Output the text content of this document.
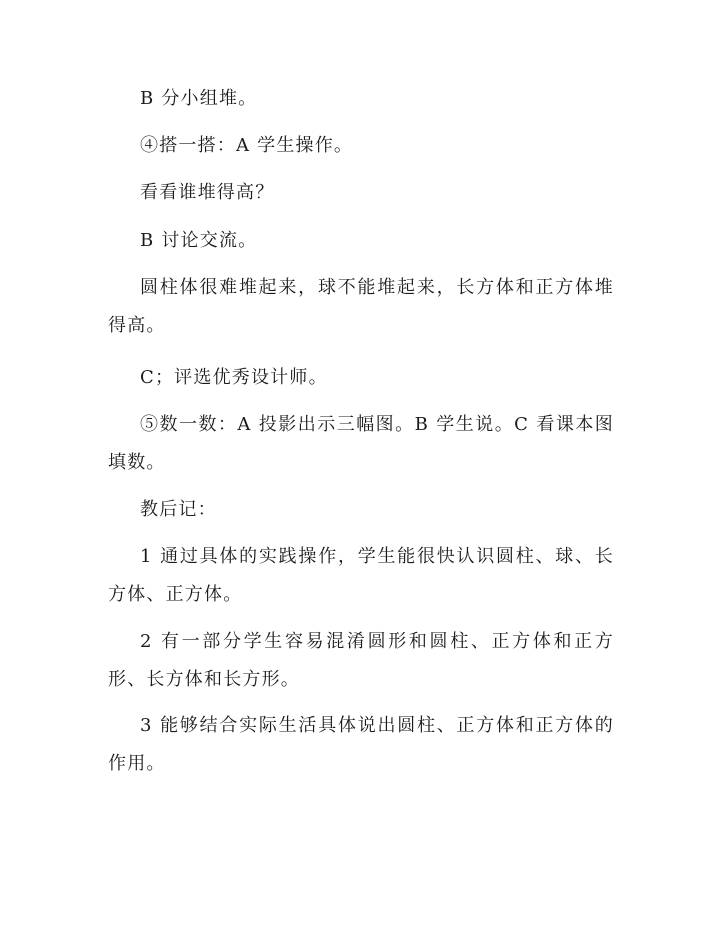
B 分小组堆。

④搭一搭：A 学生操作。

看看谁堆得高？

B 讨论交流。

圆柱体很难堆起来，球不能堆起来，长方体和正方体堆得高。

C；评选优秀设计师。

⑤数一数：A 投影出示三幅图。B 学生说。C 看课本图填数。

教后记：

1 通过具体的实践操作，学生能很快认识圆柱、球、长方体、正方体。

2 有一部分学生容易混淆圆形和圆柱、正方体和正方形、长方体和长方形。

3 能够结合实际生活具体说出圆柱、正方体和正方体的作用。
